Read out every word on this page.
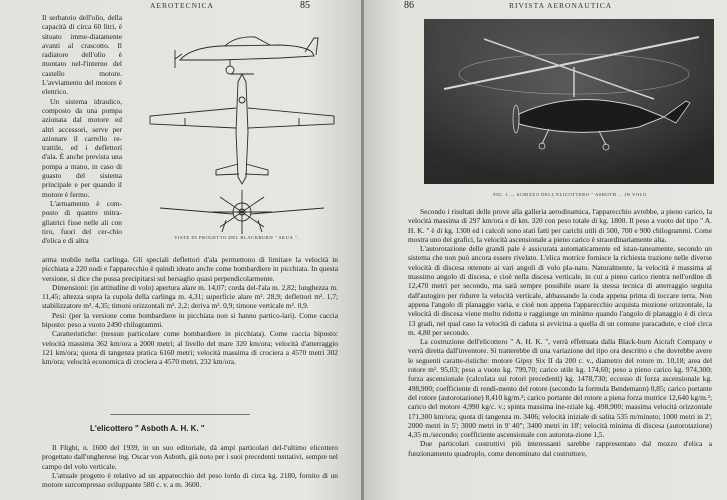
AEROTECNICA	85

Il serbatoio dell'olio, della capacità di circa 60 litri, è situato imme-diatamente avanti al crascotto. Il radiatore dell'olio è montato nel-l'interno del castello motore. L'avviamento del motore è elettrico.

Un sistema idraulico, composto da una pompa azionata dal motore ed altri accessori, serve per azionare il carrello re-trattile, ed i deflettori d'ala. È anche prevista una pompa a mano, in caso di guasto del sistema principale e per quando il motore è fermo.

L'armamento è com-posto di quattro mitra-gliatrici fisse nelle ali con tiro, fuori del cer-chio d'elica e di altra	VISTE DI PROGETTO DEL BLACKBURN " SKUA ".

arma mobile nella carlinga. Gli speciali deflettori d'ala permettono di limitare la velocità in picchiata a 220 nodi e l'apparecchio è quindi ideato anche come bombardiere in picchiata. In questa versione, si dice che possa precipitarsi sul bersaglio quasi perpendicolarmente.

Dimensioni: (in attitudine di volo) apertura alare m. 14,07; corda del-l'ala m. 2,82; lunghezza m. 11,45; altezza sopra la cupola della carlinga m. 4,31; superficie alare m². 28,9; deflettori m². 1,7; stabilizzatore m². 4,35; timoni orizzontali m². 2,2; deriva m². 0,9; timone verticale m². 0,9.

Pesi: (per la versione come bombardiere in picchiata non si hanno partico-lari). Come caccia biposto: peso a vuoto 2490 chilogrammi.

Caratteristiche: (nessun particolare come bombardiere in picchiata). Come caccia biposto: velocità massima 362 km/ora a 2000 metri; al livello del mare 320 km/ora; velocità d'atterraggio 121 km/ora; quota di tangenza pratica 6160 metri; velocità massima di crociera a 4570 metri 302 km/ora; velocità economica di crociera a 4570 metri, 232 km/ora.

L'elicottero " Asboth A. H. K. "

Il Flight, n. 1600 del 1939, in un suo editoriale, dà ampi particolari del-l'ultimo elicottero progettato dall'ungherese ing. Oscar von Asboth, già noto per i suoi precedenti tentativi, sempre nel campo del volo verticale.

L'attuale progetto è relativo ad un apparecchio del peso lordo di circa kg. 2180, fornito di un motore surcompresso sviluppante 580 c. v. a m. 3600.

86	RIVISTA AERONAUTICA
FIG. 1 — SCHIZZO DELL'ELICOTTERO " ASBOTH ... IN VOLO

Secondo i risultati delle prove alla galleria aerodinamica, l'apparecchio avrebbe, a pieno carico, la velocità massima di 297 km/ora e di km. 320 con peso totale di kg. 1800. Il peso a vuoto del tipo " A. H. K. " è di kg. 1300 ed i calcoli sono stati fatti per carichi utili di 500, 700 e 900 chilogrammi. Come mostra uno dei grafici, la velocità ascensionale a pieno carico è straordinariamente alta.

L'autorotazione delle grandi pale è assicurata automaticamente ed istan-taneamente, secondo un sistema che non può ancora essere rivelato. L'elica motrice fornisce la richiesta trazione nelle diverse velocità di discesa ottenute ai vari angoli di volo pla-nato. Naturalmente, la velocità è massima al massimo angolo di discesa, e cioè nella discesa verticale, in cui a pieno carico rientra nell'ordine di 12,470 metri per secondo, ma sarà sempre possibile usare la stessa tecnica di atterraggio seguita dall'autogiro per ridurre la velocità verticale, abbassando la coda appena prima di toccare terra. Non appena l'angolo di planaggio varia, e cioè non appena l'apparecchio acquista mozione orizzontale, la velocità di discesa viene molto ridotta e raggiunge un minimo quando l'angolo di planaggio è di circa 13 gradi, nel qual caso la velocità di caduta si avvicina a quella di un comune paracadute, e cioè circa m. 4,80 per secondo.

La costruzione dell'elicottero " A. H. K. ", verrà effettuata dalla Black-burn Aicraft Company e verrà diretta dall'inventore. Si tratterebbe di una variazione del tipo ora descritto e che dovrebbe avere le seguenti caratte-ristiche: motore Gipsy Six II da 200 c. v., diametro del rotore m. 10,18; area del rotore m². 95,03; peso a vuoto kg. 799,70; carico utile kg. 174,60; peso a pieno carico kg. 974,300; forza ascensionale (calcolata sui rotori precedenti) kg. 1478,730; eccesso di forza ascensionale kg. 498,900; coefficiente di rendi-mento del rotore (secondo la formula Bendemann) 0,85; carico portante del rotore (autorotazione) 8,410 kg/m.²; carico portante del rotore a piena forza motrice 12,640 kg/m.²; carico del motore 4,990 kg/c. v.; spinta massima ine-rziale kg. 498,900; massima velocità orizzontale 171,300 km/ora; quota di tangenza m. 3406; velocità iniziale di salita 535 m/minuto; 1000 metri in 2'; 2000 metri in 5'; 3000 metri in 9' 40"; 3400 metri in 18'; velocità minima di discesa (autorotazione) 4,35 m./secondo; coefficiente ascensionale con autorota-zione 1,5.

Due particolari costruttivi più interessanti sarebbe rappresentato dal mozzo d'elica a funzionamento quadruplo, come denominato dal costruttore,
